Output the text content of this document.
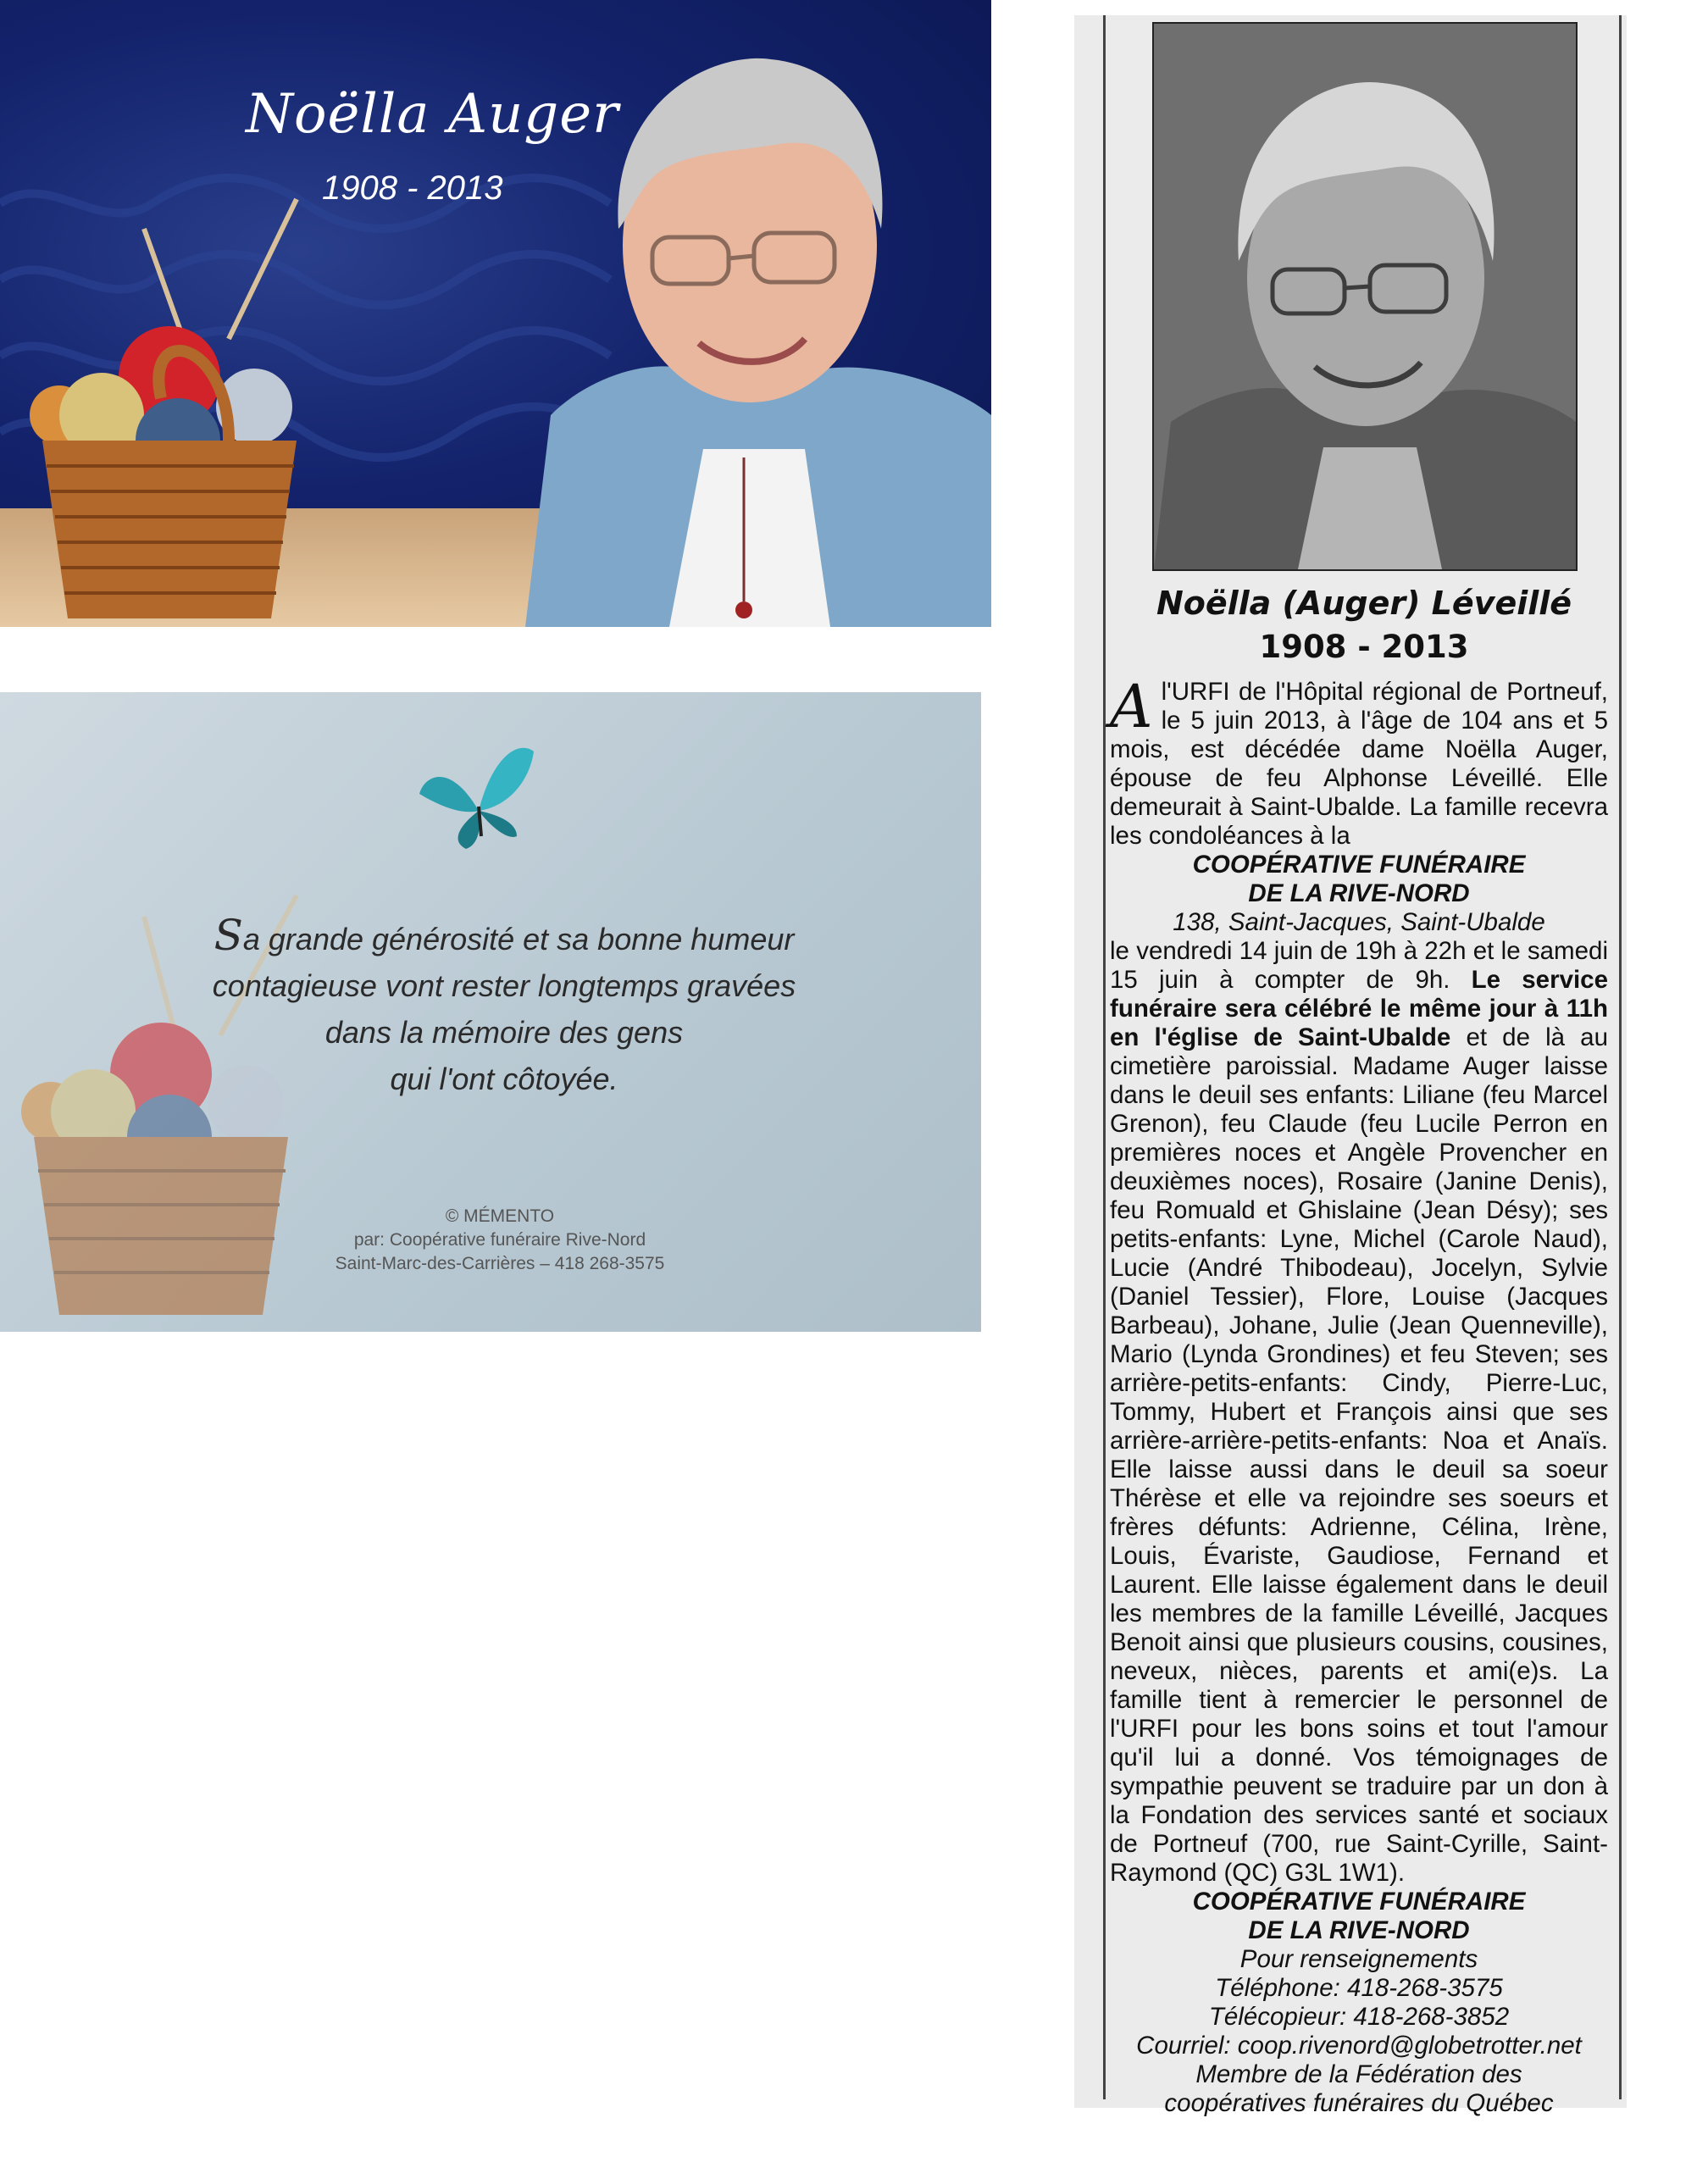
Noëlla Auger
1908 - 2013
Sa grande générosité et sa bonne humeur
contagieuse vont rester longtemps gravées
dans la mémoire des gens
qui l'ont côtoyée.
© MÉMENTO
par: Coopérative funéraire Rive-Nord
Saint-Marc-des-Carrières – 418 268-3575
Noëlla (Auger) Léveillé
1908 - 2013
A l'URFI de l'Hôpital régional de Portneuf, le 5 juin 2013, à l'âge de 104 ans et 5 mois, est décédée dame Noëlla Auger, épouse de feu Alphonse Léveillé. Elle demeurait à Saint-Ubalde. La famille recevra les condoléances à la
COOPÉRATIVE FUNÉRAIRE
DE LA RIVE-NORD
138, Saint-Jacques, Saint-Ubalde
le vendredi 14 juin de 19h à 22h et le samedi 15 juin à compter de 9h. Le service funéraire sera célébré le même jour à 11h en l'église de Saint-Ubalde et de là au cimetière paroissial. Madame Auger laisse dans le deuil ses enfants: Liliane (feu Marcel Grenon), feu Claude (feu Lucile Perron en premières noces et Angèle Provencher en deuxièmes noces), Rosaire (Janine Denis), feu Romuald et Ghislaine (Jean Désy); ses petits-enfants: Lyne, Michel (Carole Naud), Lucie (André Thibodeau), Jocelyn, Sylvie (Daniel Tessier), Flore, Louise (Jacques Barbeau), Johane, Julie (Jean Quenneville), Mario (Lynda Grondines) et feu Steven; ses arrière-petits-enfants: Cindy, Pierre-Luc, Tommy, Hubert et François ainsi que ses arrière-arrière-petits-enfants: Noa et Anaïs. Elle laisse aussi dans le deuil sa soeur Thérèse et elle va rejoindre ses soeurs et frères défunts: Adrienne, Célina, Irène, Louis, Évariste, Gaudiose, Fernand et Laurent. Elle laisse également dans le deuil les membres de la famille Léveillé, Jacques Benoit ainsi que plusieurs cousins, cousines, neveux, nièces, parents et ami(e)s. La famille tient à remercier le personnel de l'URFI pour les bons soins et tout l'amour qu'il lui a donné. Vos témoignages de sympathie peuvent se traduire par un don à la Fondation des services santé et sociaux de Portneuf (700, rue Saint-Cyrille, Saint-Raymond (QC) G3L 1W1).
COOPÉRATIVE FUNÉRAIRE
DE LA RIVE-NORD
Pour renseignements
Téléphone: 418-268-3575
Télécopieur: 418-268-3852
Courriel: coop.rivenord@globetrotter.net
Membre de la Fédération des
coopératives funéraires du Québec
